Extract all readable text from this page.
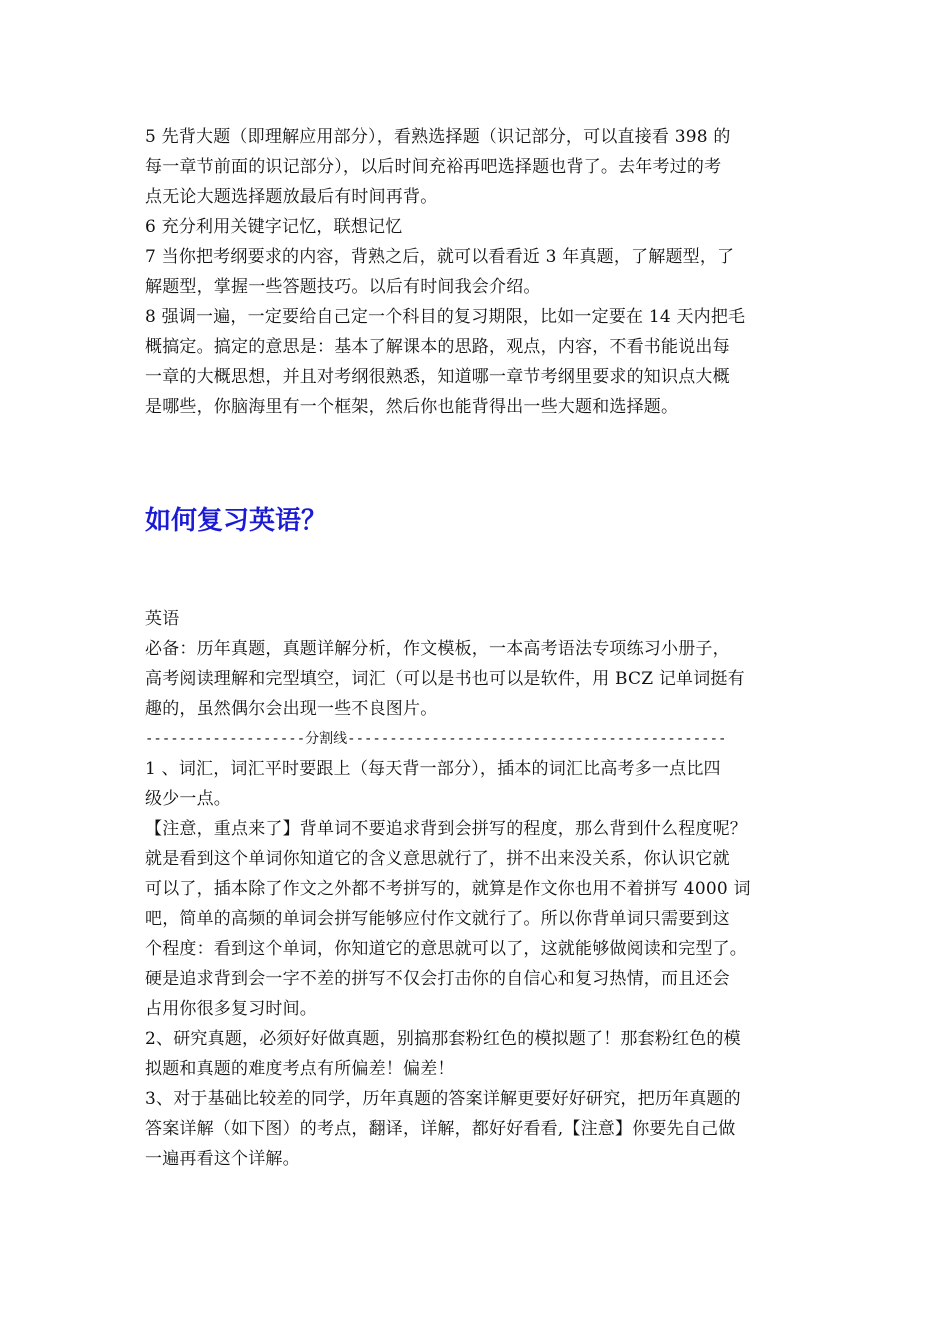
5 先背大题（即理解应用部分），看熟选择题（识记部分，可以直接看 398 的
每一章节前面的识记部分），以后时间充裕再吧选择题也背了。去年考过的考
点无论大题选择题放最后有时间再背。
6 充分利用关键字记忆，联想记忆
7 当你把考纲要求的内容，背熟之后，就可以看看近 3 年真题，了解题型，了
解题型，掌握一些答题技巧。以后有时间我会介绍。
8 强调一遍，一定要给自己定一个科目的复习期限，比如一定要在 14 天内把毛
概搞定。搞定的意思是：基本了解课本的思路，观点，内容，不看书能说出每
一章的大概思想，并且对考纲很熟悉，知道哪一章节考纲里要求的知识点大概
是哪些，你脑海里有一个框架，然后你也能背得出一些大题和选择题。
如何复习英语？
英语
必备：历年真题，真题详解分析，作文模板，一本高考语法专项练习小册子，
高考阅读理解和完型填空，词汇（可以是书也可以是软件，用 BCZ 记单词挺有
趣的，虽然偶尔会出现一些不良图片。
-------------------分割线---------------------------------------------
1 、词汇，词汇平时要跟上（每天背一部分），插本的词汇比高考多一点比四
级少一点。
【注意，重点来了】背单词不要追求背到会拼写的程度，那么背到什么程度呢？
就是看到这个单词你知道它的含义意思就行了，拼不出来没关系，你认识它就
可以了，插本除了作文之外都不考拼写的，就算是作文你也用不着拼写 4000 词
吧，简单的高频的单词会拼写能够应付作文就行了。所以你背单词只需要到这
个程度：看到这个单词，你知道它的意思就可以了，这就能够做阅读和完型了。
硬是追求背到会一字不差的拼写不仅会打击你的自信心和复习热情，而且还会
占用你很多复习时间。
2、研究真题，必须好好做真题，别搞那套粉红色的模拟题了！那套粉红色的模
拟题和真题的难度考点有所偏差！偏差！
3、对于基础比较差的同学，历年真题的答案详解更要好好研究，把历年真题的
答案详解（如下图）的考点，翻译，详解，都好好看看,【注意】你要先自己做
一遍再看这个详解。
